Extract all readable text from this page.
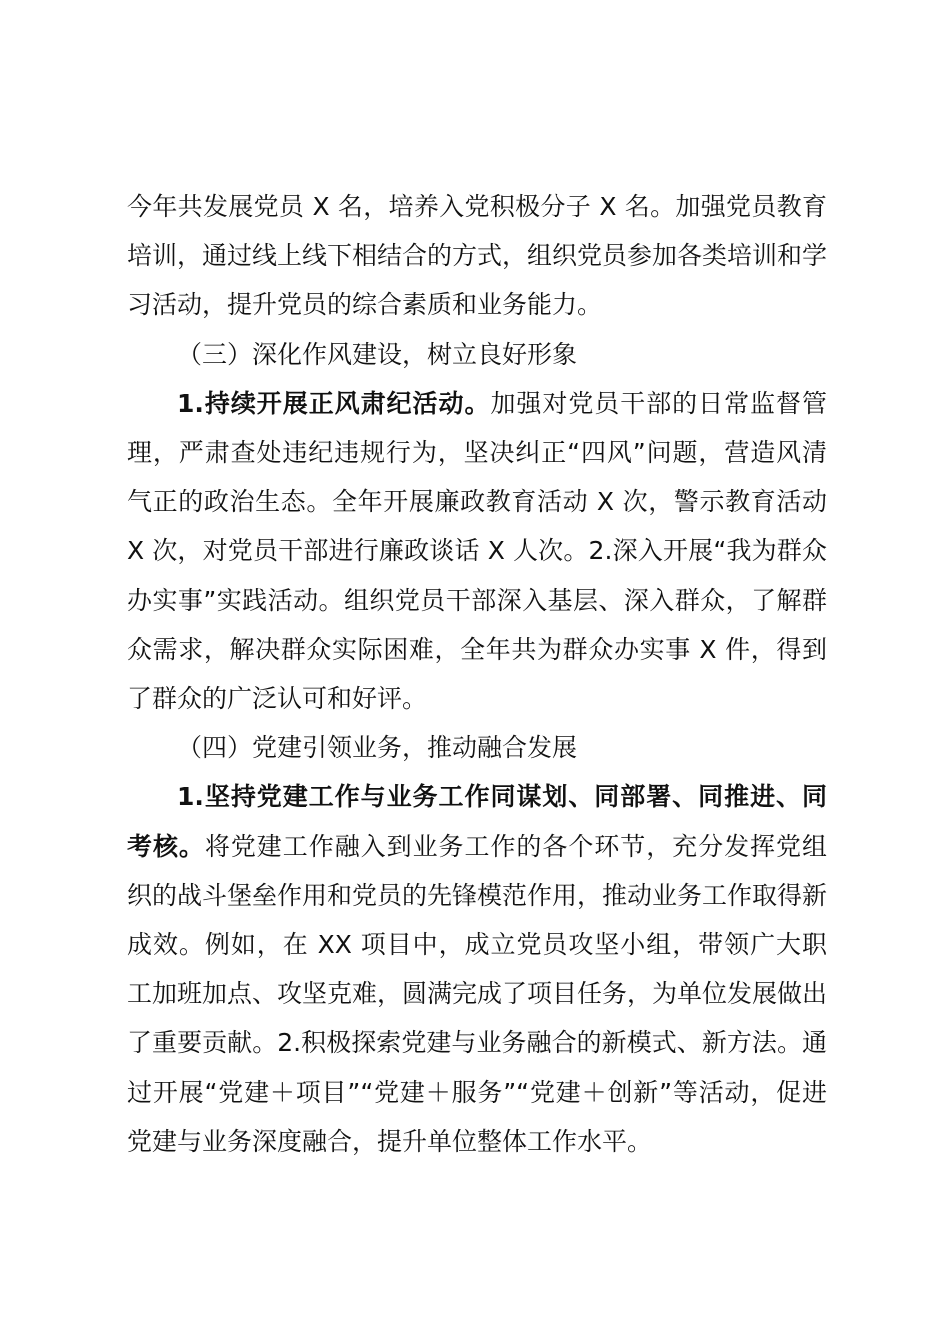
今年共发展党员 X 名，培养入党积极分子 X 名。加强党员教育培训，通过线上线下相结合的方式，组织党员参加各类培训和学习活动，提升党员的综合素质和业务能力。

（三）深化作风建设，树立良好形象

1.持续开展正风肃纪活动。加强对党员干部的日常监督管理，严肃查处违纪违规行为，坚决纠正“四风”问题，营造风清气正的政治生态。全年开展廉政教育活动 X 次，警示教育活动 X 次，对党员干部进行廉政谈话 X 人次。2.深入开展“我为群众办实事”实践活动。组织党员干部深入基层、深入群众，了解群众需求，解决群众实际困难，全年共为群众办实事 X 件，得到了群众的广泛认可和好评。

（四）党建引领业务，推动融合发展

1.坚持党建工作与业务工作同谋划、同部署、同推进、同考核。将党建工作融入到业务工作的各个环节，充分发挥党组织的战斗堡垒作用和党员的先锋模范作用，推动业务工作取得新成效。例如，在 XX 项目中，成立党员攻坚小组，带领广大职工加班加点、攻坚克难，圆满完成了项目任务，为单位发展做出了重要贡献。2.积极探索党建与业务融合的新模式、新方法。通过开展“党建＋项目”“党建＋服务”“党建＋创新”等活动，促进党建与业务深度融合，提升单位整体工作水平。
